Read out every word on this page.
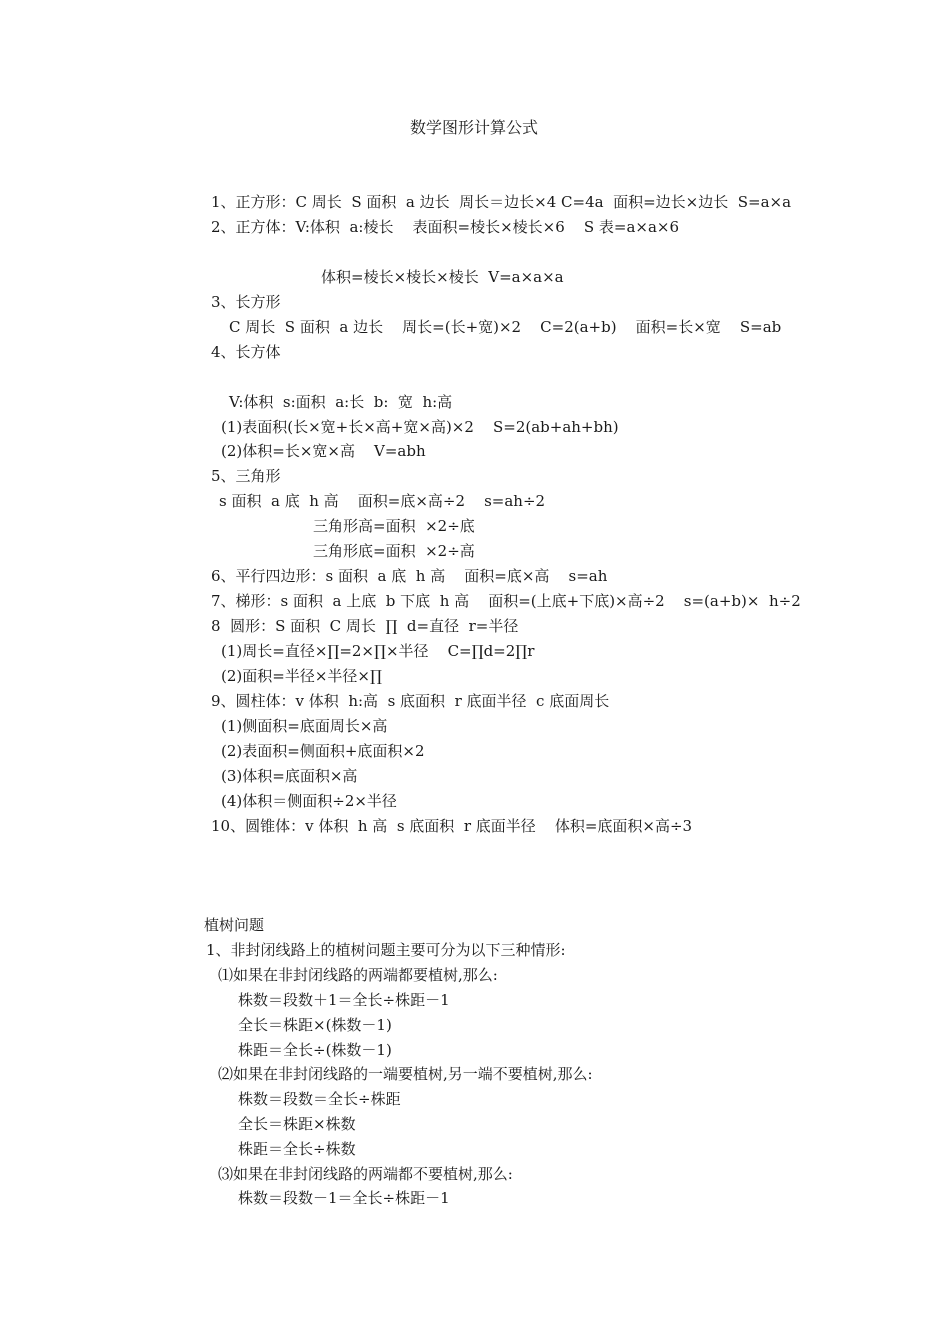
数学图形计算公式
1、正方形：C 周长  S 面积  a 边长  周长＝边长×4 C=4a  面积=边长×边长  S=a×a
2、正方体：V:体积  a:棱长    表面积=棱长×棱长×6    S 表=a×a×6
体积=棱长×棱长×棱长  V=a×a×a
3、长方形
C 周长  S 面积  a 边长    周长=(长+宽)×2    C=2(a+b)    面积=长×宽    S=ab
4、长方体
V:体积  s:面积  a:长  b:  宽  h:高
(1)表面积(长×宽+长×高+宽×高)×2    S=2(ab+ah+bh)
(2)体积=长×宽×高    V=abh
5、三角形
s 面积  a 底  h 高    面积=底×高÷2    s=ah÷2
三角形高=面积  ×2÷底
三角形底=面积  ×2÷高
6、平行四边形：s 面积  a 底  h 高    面积=底×高    s=ah
7、梯形：s 面积  a 上底  b 下底  h 高    面积=(上底+下底)×高÷2    s=(a+b)×  h÷2
8  圆形：S 面积  C 周长  ∏  d=直径  r=半径
(1)周长=直径×∏=2×∏×半径    C=∏d=2∏r
(2)面积=半径×半径×∏
9、圆柱体：v 体积  h:高  s 底面积  r 底面半径  c 底面周长
(1)侧面积=底面周长×高
(2)表面积=侧面积+底面积×2
(3)体积=底面积×高
(4)体积＝侧面积÷2×半径
10、圆锥体：v 体积  h 高  s 底面积  r 底面半径    体积=底面积×高÷3
植树问题
1、非封闭线路上的植树问题主要可分为以下三种情形:
⑴如果在非封闭线路的两端都要植树,那么:
株数＝段数＋1＝全长÷株距－1
全长＝株距×(株数－1)
株距＝全长÷(株数－1)
⑵如果在非封闭线路的一端要植树,另一端不要植树,那么:
株数＝段数＝全长÷株距
全长＝株距×株数
株距＝全长÷株数
⑶如果在非封闭线路的两端都不要植树,那么:
株数＝段数－1＝全长÷株距－1
